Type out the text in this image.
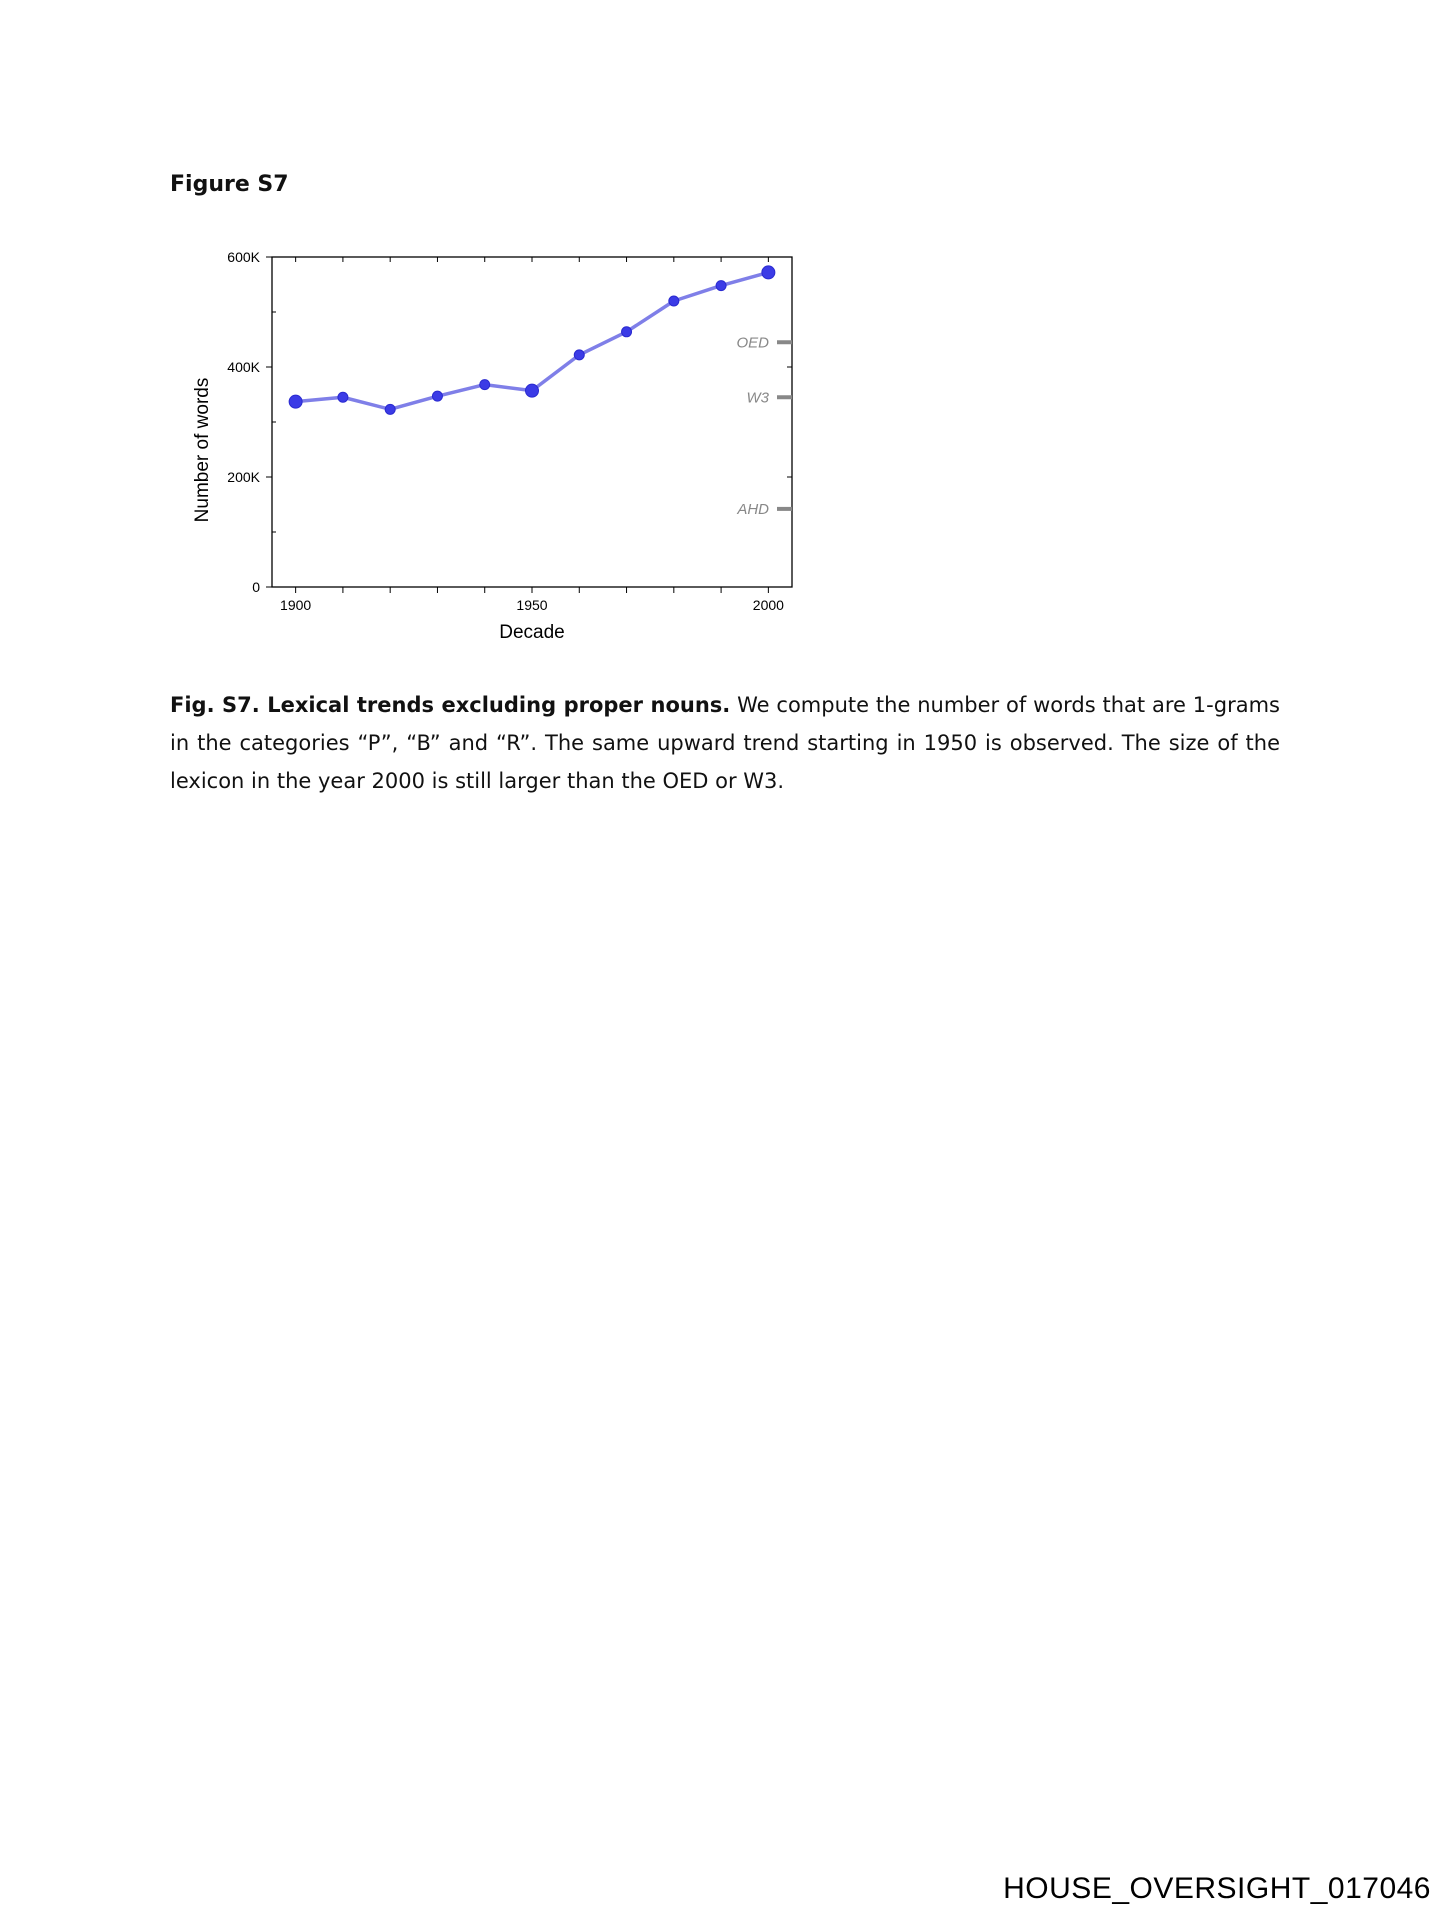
Figure S7
0
200K
400K
600K
1900	1950	2000
Decade
Number of words
OED
W3
AHD

Fig. S7. Lexical trends excluding proper nouns. We compute the number of words that are 1-grams in the categories “P”, “B” and “R”. The same upward trend starting in 1950 is observed. The size of the lexicon in the year 2000 is still larger than the OED or W3.

HOUSE_OVERSIGHT_017046
